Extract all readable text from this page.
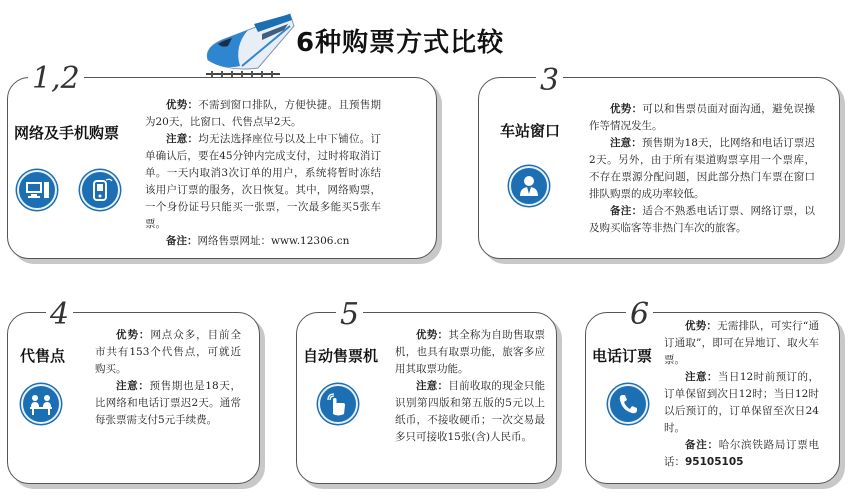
6种购票方式比较
1,2
网络及手机购票

优势：不需到窗口排队，方便快捷。且预售期为20天，比窗口、代售点早2天。

注意：均无法选择座位号以及上中下铺位。订单确认后，要在45分钟内完成支付，过时将取消订单。一天内取消3次订单的用户，系统将暂时冻结该用户订票的服务，次日恢复。其中，网络购票，一个身份证号只能买一张票，一次最多能买5张车票。

备注：网络售票网址：www.12306.cn

3
车站窗口

优势：可以和售票员面对面沟通，避免误操作等情况发生。

注意：预售期为18天，比网络和电话订票迟2天。另外，由于所有渠道购票享用一个票库，不存在票源分配问题，因此部分热门车票在窗口排队购票的成功率较低。

备注：适合不熟悉电话订票、网络订票，以及购买临客等非热门车次的旅客。

4
代售点

优势：网点众多，目前全市共有153个代售点，可就近购买。

注意：预售期也是18天，比网络和电话订票迟2天。通常每张票需支付5元手续费。

5
自动售票机

优势：其全称为自助售取票机，也具有取票功能，旅客多应用其取票功能。

注意：目前收取的现金只能识别第四版和第五版的5元以上纸币，不接收硬币；一次交易最多只可接收15张(含)人民币。

6
电话订票

优势：无需排队，可实行“通订通取”，即可在异地订、取火车票。

注意：当日12时前预订的，订单保留到次日12时；当日12时以后预订的，订单保留至次日24时。

备注：哈尔滨铁路局订票电话：95105105
